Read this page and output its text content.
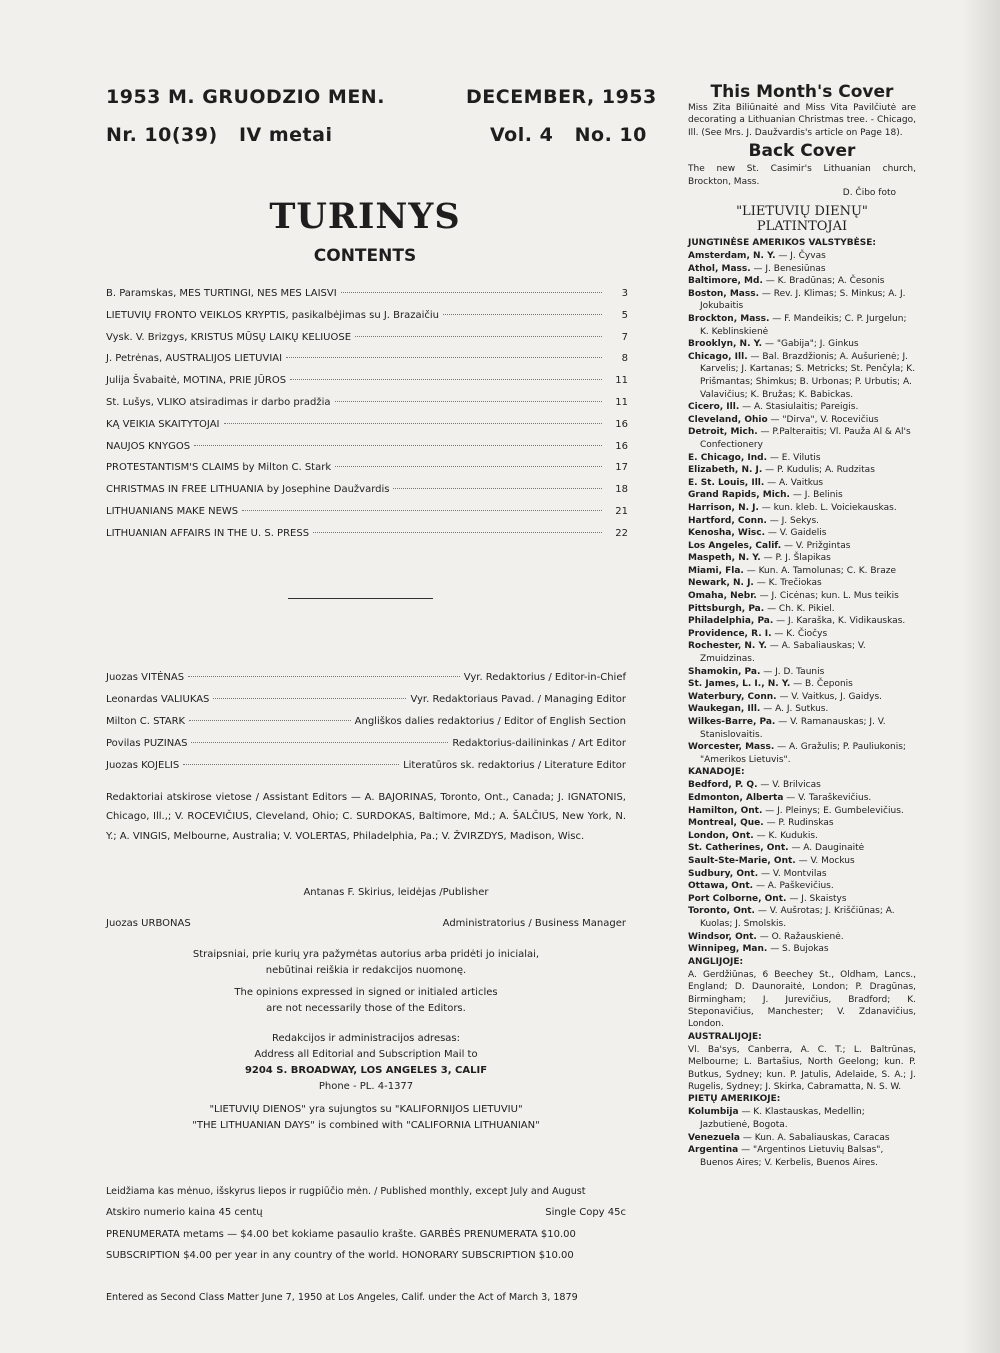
1953 M. GRUODZIO MEN.	DECEMBER, 1953
Nr. 10(39)   IV metai	Vol. 4   No. 10
TURINYS
CONTENTS
B. Paramskas, MES TURTINGI, NES MES LAISVI	3
LIETUVIŲ FRONTO VEIKLOS KRYPTIS, pasikalbėjimas su J. Brazaičiu	5
Vysk. V. Brizgys, KRISTUS MŪSŲ LAIKŲ KELIUOSE	7
J. Petrėnas, AUSTRALIJOS LIETUVIAI	8
Julija Švabaitė, MOTINA, PRIE JŪROS	11
St. Lušys, VLIKO atsiradimas ir darbo pradžia	11
KĄ VEIKIA SKAITYTOJAI	16
NAUJOS KNYGOS	16
PROTESTANTISM'S CLAIMS by Milton C. Stark	17
CHRISTMAS IN FREE LITHUANIA by Josephine Daužvardis	18
LITHUANIANS MAKE NEWS	21
LITHUANIAN AFFAIRS IN THE U. S. PRESS	22
Juozas VITĖNAS	Vyr. Redaktorius / Editor-in-Chief
Leonardas VALIUKAS	Vyr. Redaktoriaus Pavad. / Managing Editor
Milton C. STARK	Angliškos dalies redaktorius / Editor of English Section
Povilas PUZINAS	Redaktorius-dailininkas / Art Editor
Juozas KOJELIS	Literatūros sk. redaktorius / Literature Editor
Redaktoriai atskirose vietose / Assistant Editors — A. BAJORINAS, Toronto, Ont., Canada; J. IGNATONIS, Chicago, Ill.,; V. ROCEVIČIUS, Cleveland, Ohio; C. SURDOKAS, Baltimore, Md.; A. ŠALČIUS, New York, N. Y.; A. VINGIS, Melbourne, Australia; V. VOLERTAS, Philadelphia, Pa.; V. ŽVIRZDYS, Madison, Wisc.
Antanas F. Skirius, leidėjas /Publisher
Juozas URBONAS	Administratorius / Business Manager
Straipsniai, prie kurių yra pažymėtas autorius arba pridėti jo inicialai,
nebūtinai reiškia ir redakcijos nuomonę.
The opinions expressed in signed or initialed articles
are not necessarily those of the Editors.
Redakcijos ir administracijos adresas:
Address all Editorial and Subscription Mail to
9204 S. BROADWAY, LOS ANGELES 3, CALIF
Phone - PL. 4-1377
"LIETUVIŲ DIENOS" yra sujungtos su "KALIFORNIJOS LIETUVIU"
"THE LITHUANIAN DAYS" is combined with "CALIFORNIA LITHUANIAN"
Leidžiama kas mėnuo, išskyrus liepos ir rugpiūčio mėn. / Published monthly, except July and August
Atskiro numerio kaina 45 centų	Single Copy 45c
PRENUMERATA metams — $4.00 bet kokiame pasaulio krašte. GARBĖS PRENUMERATA $10.00
SUBSCRIPTION $4.00 per year in any country of the world. HONORARY SUBSCRIPTION $10.00
Entered as Second Class Matter June 7, 1950 at Los Angeles, Calif. under the Act of March 3, 1879
This Month's Cover
Miss Zita Biliūnaitė and Miss Vita Pavilčiutė are decorating a Lithuanian Christmas tree. - Chicago, Ill. (See Mrs. J. Daužvardis's article on Page 18).
Back Cover
The new St. Casimir's Lithuanian church, Brockton, Mass.
D. Čibo foto
"LIETUVIŲ DIENŲ"
PLATINTOJAI
JUNGTINĖSE AMERIKOS VALSTYBĖSE:
Amsterdam, N. Y. — J. Čyvas
Athol, Mass. — J. Benesiūnas
Baltimore, Md. — K. Bradūnas; A. Česonis
Boston, Mass. — Rev. J. Klimas; S. Minkus; A. J. Jokubaitis
Brockton, Mass. — F. Mandeikis; C. P. Jurgelun; K. Keblinskienė
Brooklyn, N. Y. — "Gabija"; J. Ginkus
Chicago, Ill. — Bal. Brazdžionis; A. Aušurienė; J. Karvelis; J. Kartanas; S. Metricks; St. Penčyla; K. Prišmantas; Shimkus; B. Urbonas; P. Urbutis; A. Valavičius; K. Bružas; K. Babickas.
Cicero, Ill. — A. Stasiulaitis; Pareigis.
Cleveland, Ohio — "Dirva", V. Rocevičius
Detroit, Mich. — P.Palteraitis; Vl. Pauža Al & Al's Confectionery
E. Chicago, Ind. — E. Vilutis
Elizabeth, N. J. — P. Kudulis; A. Rudzitas
E. St. Louis, Ill. — A. Vaitkus
Grand Rapids, Mich. — J. Belinis
Harrison, N. J. — kun. kleb. L. Voiciekauskas.
Hartford, Conn. — J. Sekys.
Kenosha, Wisc. — V. Gaidelis
Los Angeles, Calif. — V. Prižgintas
Maspeth, N. Y. — P. J. Šlapikas
Miami, Fla. — Kun. A. Tamolunas; C. K. Braze
Newark, N. J. — K. Trečiokas
Omaha, Nebr. — J. Cicėnas; kun. L. Mus teikis
Pittsburgh, Pa. — Ch. K. Pikiel.
Philadelphia, Pa. — J. Karaška, K. Vidikauskas.
Providence, R. I. — K. Čiočys
Rochester, N. Y. — A. Sabaliauskas; V. Zmuidzinas.
Shamokin, Pa. — J. D. Taunis
St. James, L. I., N. Y. — B. Čeponis
Waterbury, Conn. — V. Vaitkus, J. Gaidys.
Waukegan, Ill. — A. J. Sutkus.
Wilkes-Barre, Pa. — V. Ramanauskas; J. V. Stanislovaitis.
Worcester, Mass. — A. Gražulis; P. Pauliukonis; "Amerikos Lietuvis".
KANADOJE:
Bedford, P. Q. — V. Brilvicas
Edmonton, Alberta — V. Taraškevičius.
Hamilton, Ont. — J. Pleinys; E. Gumbelevičius.
Montreal, Que. — P. Rudinskas
London, Ont. — K. Kudukis.
St. Catherines, Ont. — A. Dauginaitė
Sault-Ste-Marie, Ont. — V. Mockus
Sudbury, Ont. — V. Montvilas
Ottawa, Ont. — A. Paškevičius.
Port Colborne, Ont. — J. Skaistys
Toronto, Ont. — V. Aušrotas; J. Kriščiūnas; A. Kuolas; J. Smolskis.
Windsor, Ont. — O. Ražauskienė.
Winnipeg, Man. — S. Bujokas
ANGLIJOJE:
A. Gerdžiūnas, 6 Beechey St., Oldham, Lancs., England; D. Daunoraitė, London; P. Dragūnas, Birmingham; J. Jurevičius, Bradford; K. Steponavičius, Manchester; V. Zdanavičius, London.
AUSTRALIJOJE:
Vl. Ba'sys, Canberra, A. C. T.; L. Baltrūnas, Melbourne; L. Bartašius, North Geelong; kun. P. Butkus, Sydney; kun. P. Jatulis, Adelaide, S. A.; J. Rugelis, Sydney; J. Skirka, Cabramatta, N. S. W.
PIETŲ AMERIKOJE:
Kolumbija — K. Klastauskas, Medellin; Jazbutienė, Bogota.
Venezuela — Kun. A. Sabaliauskas, Caracas
Argentina — "Argentinos Lietuvių Balsas", Buenos Aires; V. Kerbelis, Buenos Aires.
